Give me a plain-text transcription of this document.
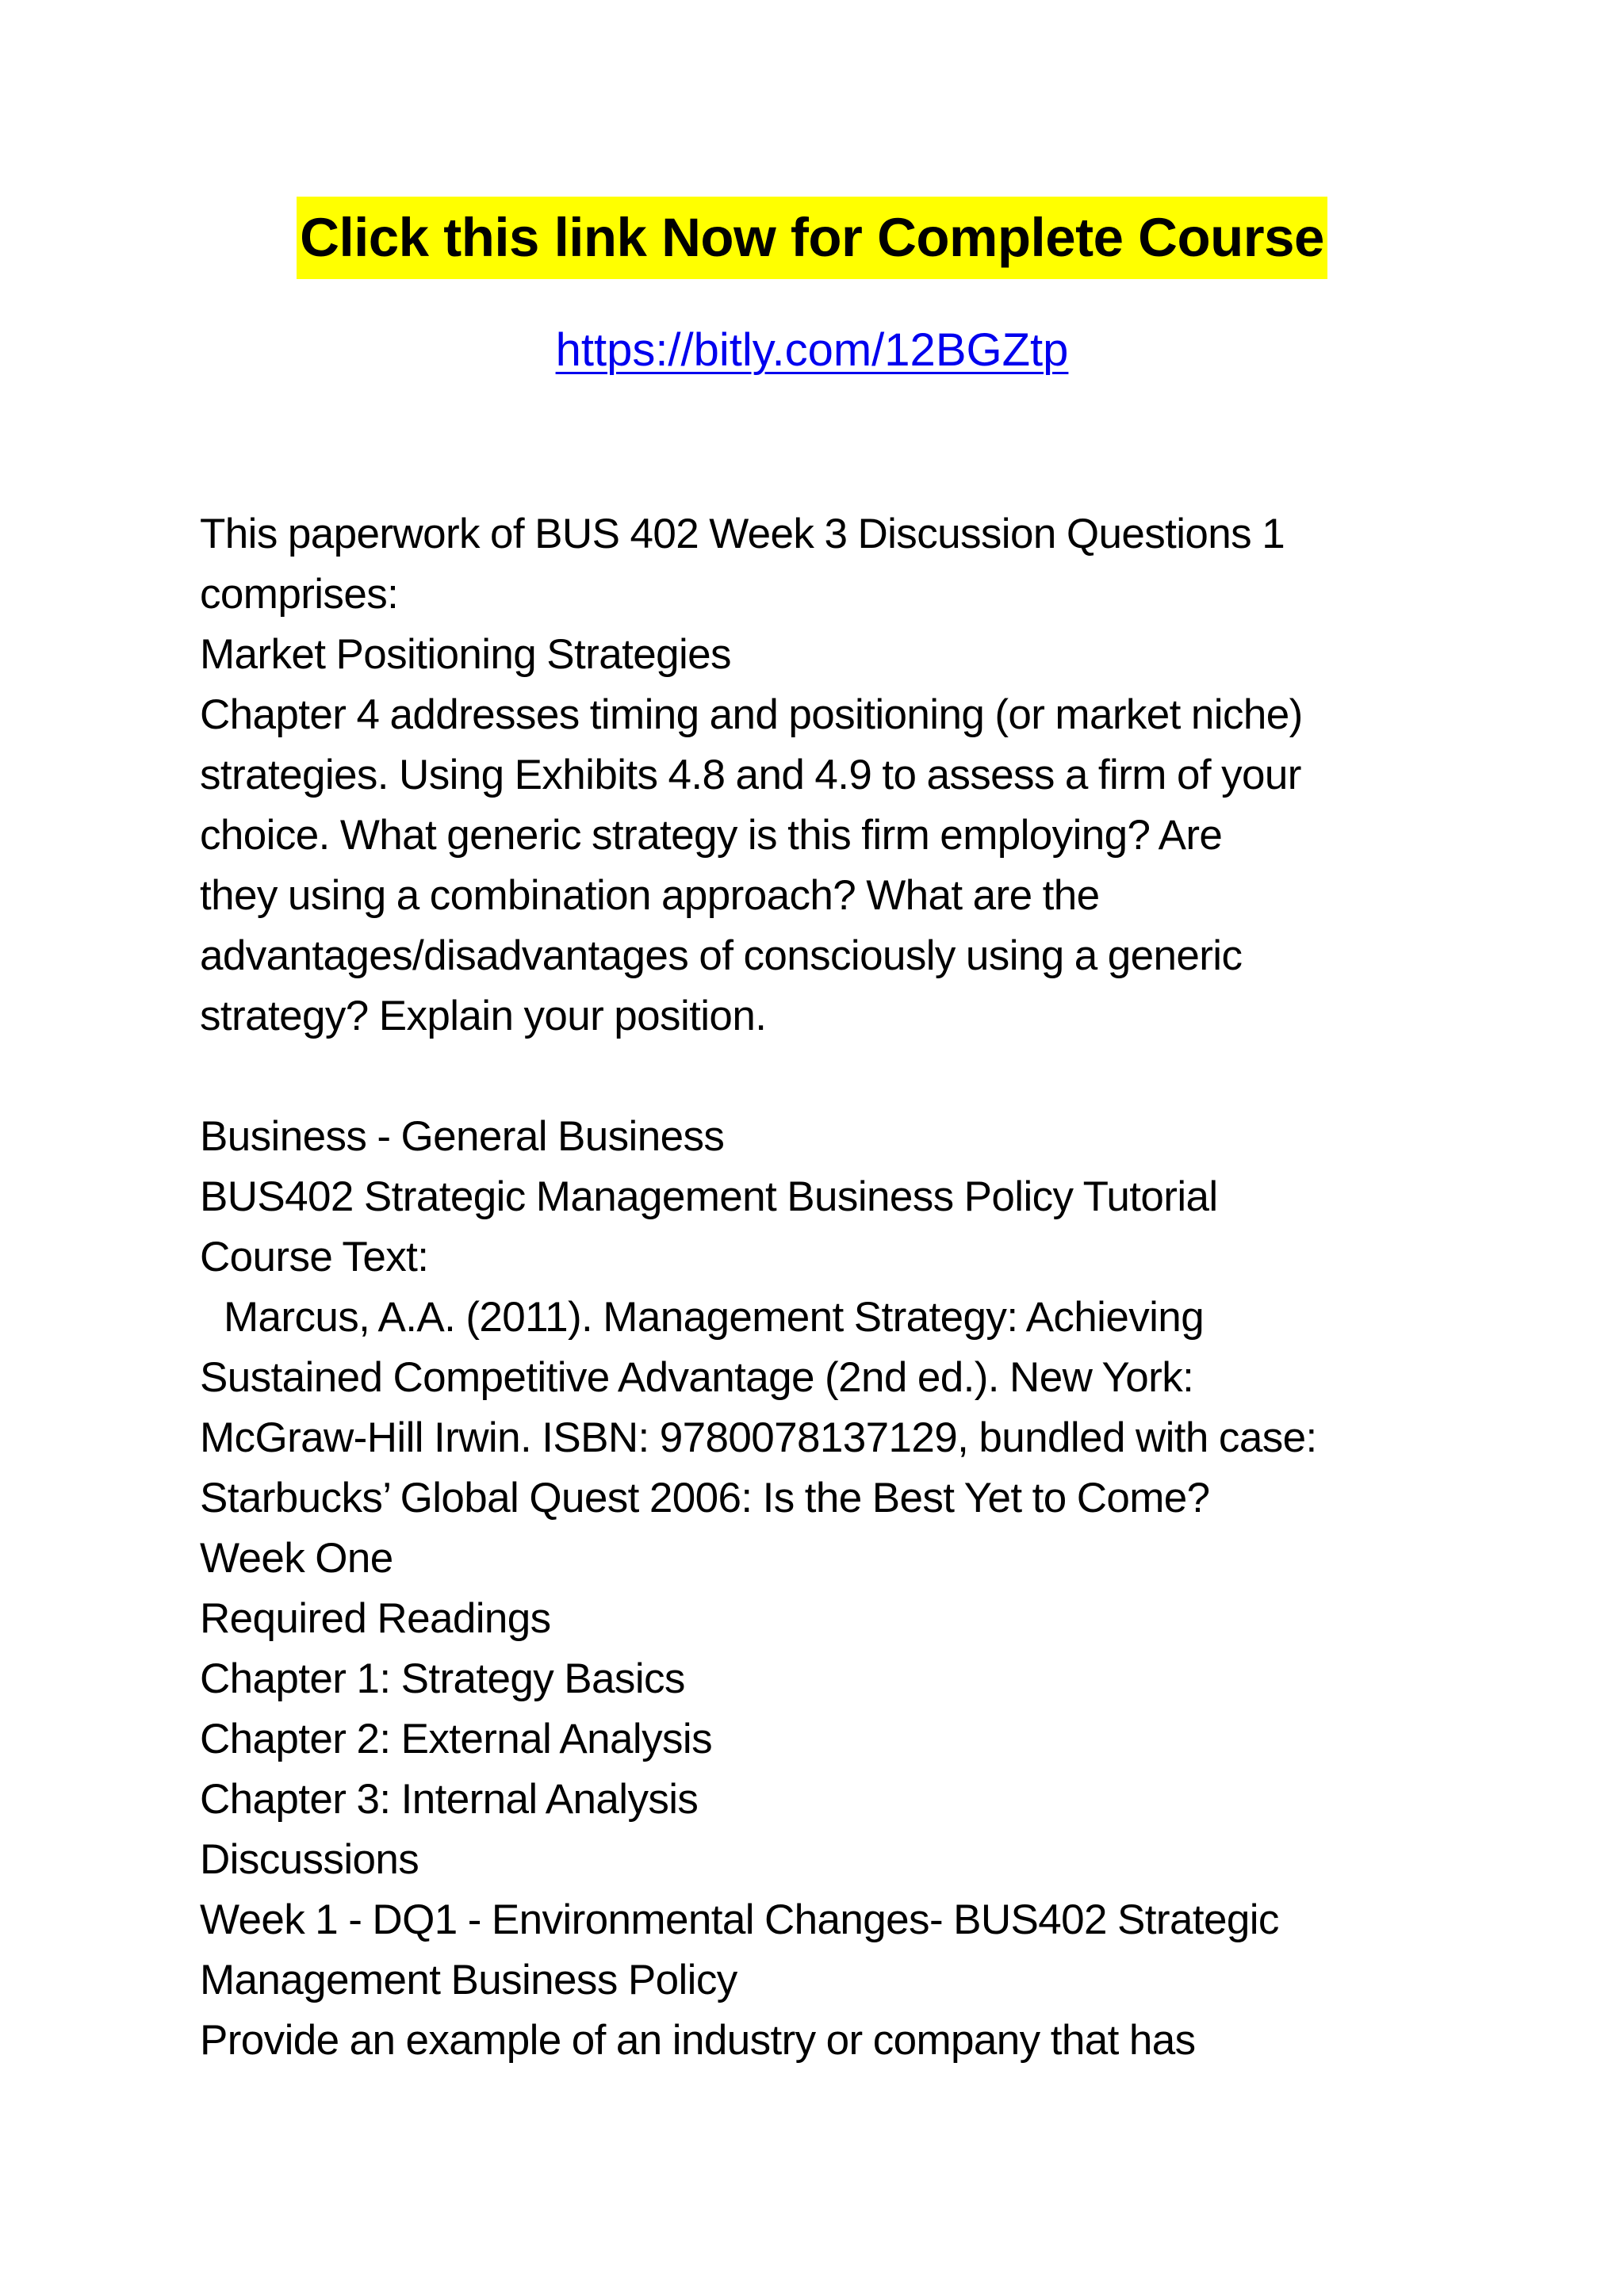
Click this link Now for Complete Course
https://bitly.com/12BGZtp
This paperwork of BUS 402 Week 3 Discussion Questions 1
comprises:
Market Positioning Strategies
Chapter 4 addresses timing and positioning (or market niche)
strategies. Using Exhibits 4.8 and 4.9 to assess a firm of your
choice. What generic strategy is this firm employing? Are
they using a combination approach? What are the
advantages/disadvantages of consciously using a generic
strategy? Explain your position.
Business - General Business
BUS402 Strategic Management Business Policy Tutorial
Course Text:
Marcus, A.A. (2011). Management Strategy: Achieving
Sustained Competitive Advantage (2nd ed.). New York:
McGraw-Hill Irwin. ISBN: 9780078137129, bundled with case:
Starbucks’ Global Quest 2006: Is the Best Yet to Come?
Week One
Required Readings
Chapter 1: Strategy Basics
Chapter 2: External Analysis
Chapter 3: Internal Analysis
Discussions
Week 1 - DQ1 - Environmental Changes- BUS402 Strategic
Management Business Policy
Provide an example of an industry or company that has
